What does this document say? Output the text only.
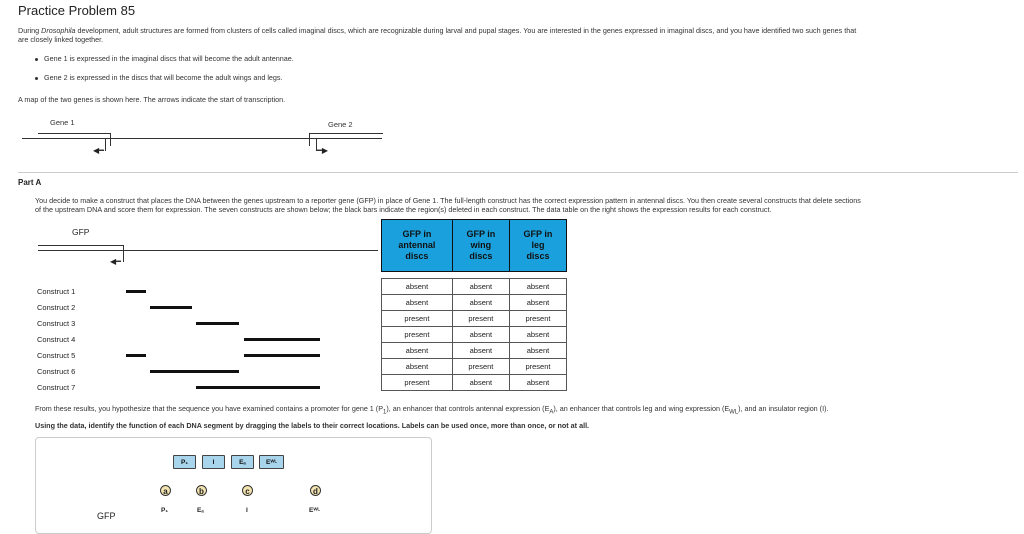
Practice Problem 85
During Drosophila development, adult structures are formed from clusters of cells called imaginal discs, which are recognizable during larval and pupal stages. You are interested in the genes expressed in imaginal discs, and you have identified two such genes that
are closely linked together.
Gene 1 is expressed in the imaginal discs that will become the adult antennae.
Gene 2 is expressed in the discs that will become the adult wings and legs.
A map of the two genes is shown here. The arrows indicate the start of transcription.
Gene 1	Gene 2
◀━	━▶
Part A
You decide to make a construct that places the DNA between the genes upstream to a reporter gene (GFP) in place of Gene 1. The full-length construct has the correct expression pattern in antennal discs. You then create several constructs that delete sections
of the upstream DNA and score them for expression. The seven constructs are shown below; the black bars indicate the region(s) deleted in each construct. The data table on the right shows the expression results for each construct.
GFP
◀━
Construct 1
Construct 2
Construct 3
Construct 4
Construct 5
Construct 6
Construct 7
GFP in
antennal
discs	GFP in
wing
discs	GFP in
leg
discs

absent	absent	absent
absent	absent	absent
present	present	present
present	absent	absent
absent	absent	absent
absent	present	present
present	absent	absent
From these results, you hypothesize that the sequence you have examined contains a promoter for gene 1 $(P_1)$, an enhancer that controls antennal expression $(E_A)$, an enhancer that controls leg and wing expression $(E_{WL})$, and an insulator region (I).
Using the data, identify the function of each DNA segment by dragging the labels to their correct locations. Labels can be used once, more than once, or not at all.
P₁	I	Eₐ	Eᵂᴸ
a	b	c	d
P₁	Eₐ	I	Eᵂᴸ
GFP
